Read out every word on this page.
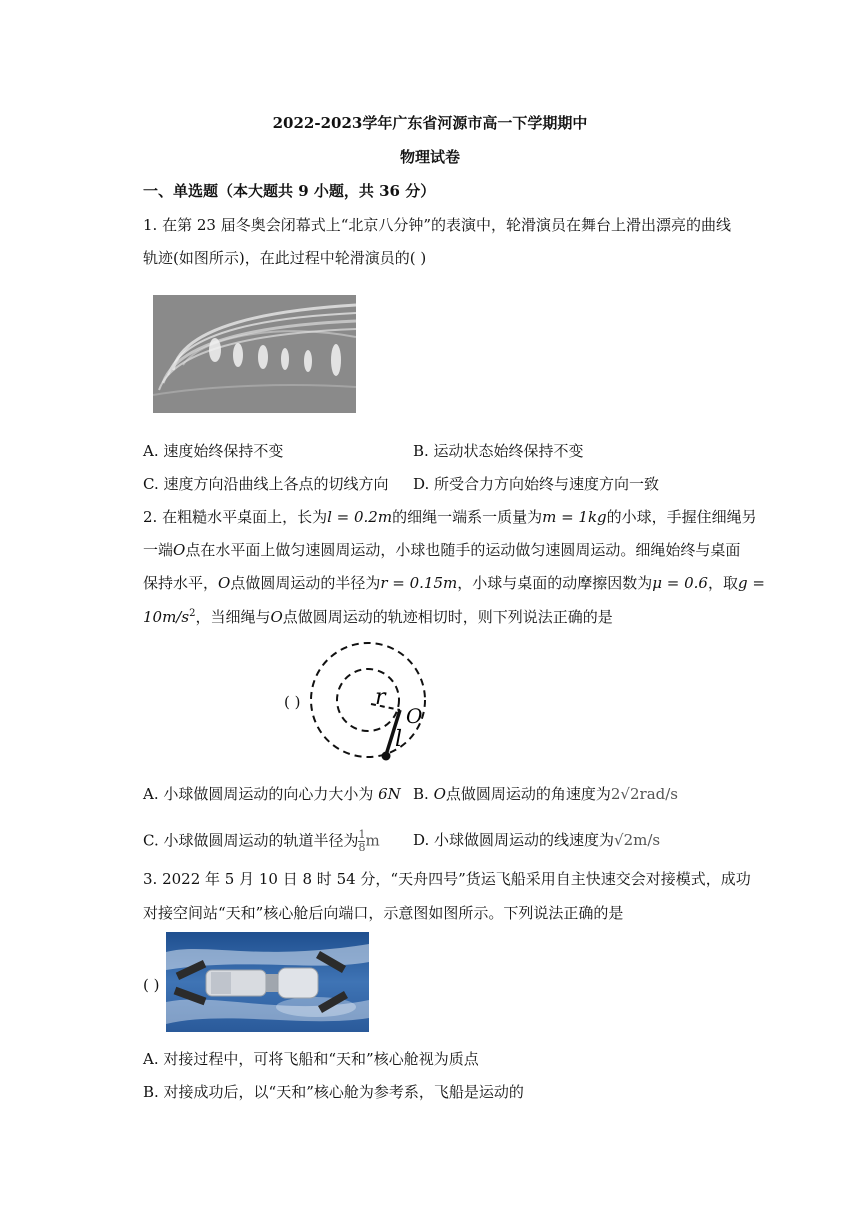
2022-2023学年广东省河源市高一下学期期中
物理试卷
一、单选题（本大题共 9 小题，共 36 分）
1. 在第 23 届冬奥会闭幕式上“北京八分钟”的表演中，轮滑演员在舞台上滑出漂亮的曲线
轨迹(如图所示)，在此过程中轮滑演员的( )
A. 速度始终保持不变	B. 运动状态始终保持不变
C. 速度方向沿曲线上各点的切线方向 D. 所受合力方向始终与速度方向一致
2. 在粗糙水平桌面上，长为l = 0.2m的细绳一端系一质量为m = 1kg的小球，手握住细绳另
一端O点在水平面上做匀速圆周运动，小球也随手的运动做匀速圆周运动。细绳始终与桌面
保持水平，O点做圆周运动的半径为r = 0.15m，小球与桌面的动摩擦因数为μ = 0.6，取g =
$10m/s^2$，当细绳与O点做圆周运动的轨迹相切时，则下列说法正确的是
( )	r
O
l
A. 小球做圆周运动的向心力大小为 6N B. O点做圆周运动的角速度为2√2rad/s
C. 小球做圆周运动的轨道半径为 $\frac{1}{8}$ m D. 小球做圆周运动的线速度为√2m/s
3. 2022 年 5 月 10 日 8 时 54 分，“天舟四号”货运飞船采用自主快速交会对接模式，成功
对接空间站“天和”核心舱后向端口，示意图如图所示。下列说法正确的是
( )
A. 对接过程中，可将飞船和“天和”核心舱视为质点
B. 对接成功后，以“天和”核心舱为参考系，飞船是运动的
